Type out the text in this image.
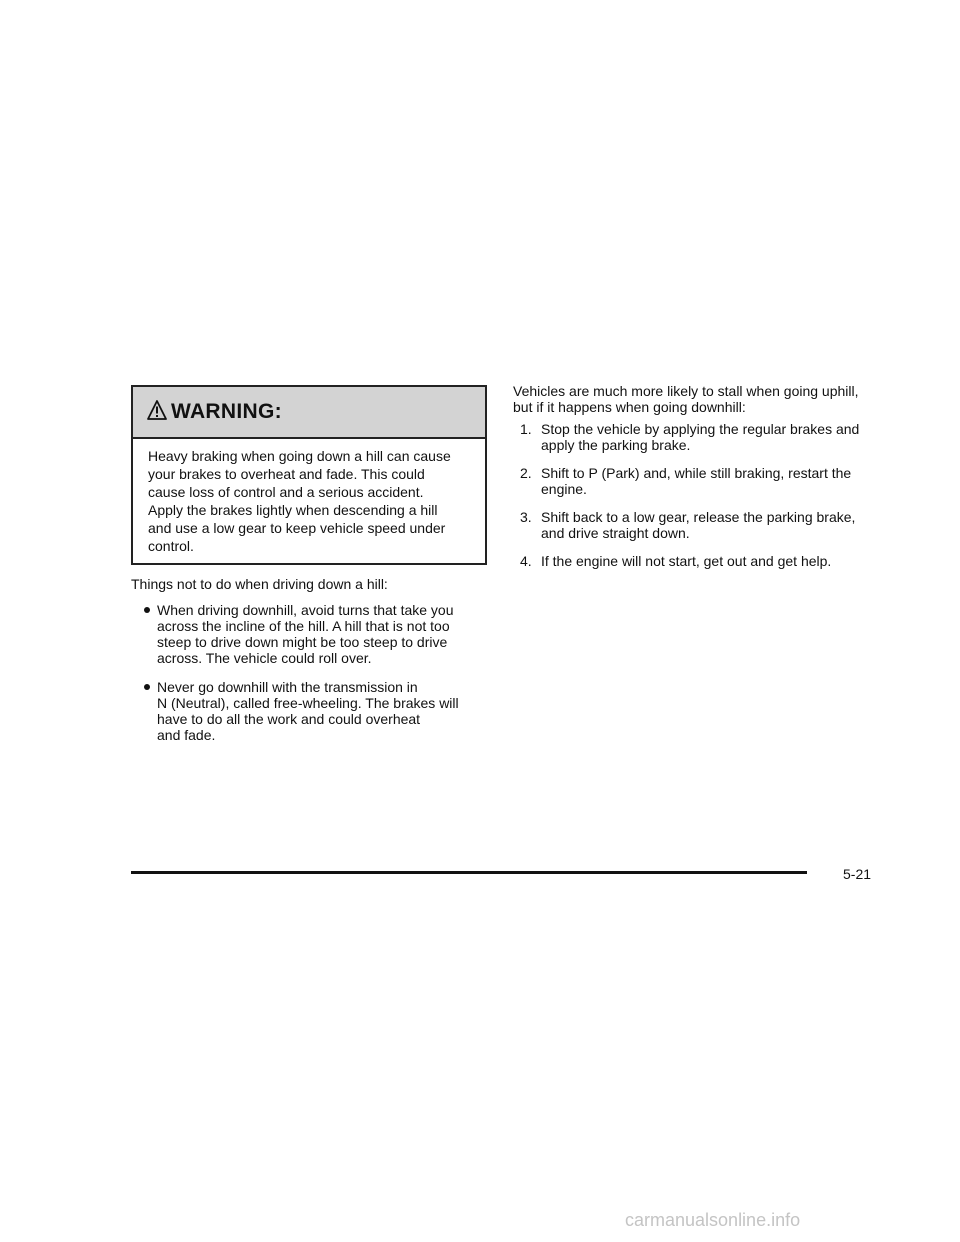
WARNING:
Heavy braking when going down a hill can cause
your brakes to overheat and fade. This could
cause loss of control and a serious accident.
Apply the brakes lightly when descending a hill
and use a low gear to keep vehicle speed under
control.
Things not to do when driving down a hill:
When driving downhill, avoid turns that take you
across the incline of the hill. A hill that is not too
steep to drive down might be too steep to drive
across. The vehicle could roll over.
Never go downhill with the transmission in
N (Neutral), called free-wheeling. The brakes will
have to do all the work and could overheat
and fade.
Vehicles are much more likely to stall when going uphill,
but if it happens when going downhill:
1. Stop the vehicle by applying the regular brakes and
apply the parking brake.
2. Shift to P (Park) and, while still braking, restart the
engine.
3. Shift back to a low gear, release the parking brake,
and drive straight down.
4. If the engine will not start, get out and get help.
5-21
carmanualsonline.info
